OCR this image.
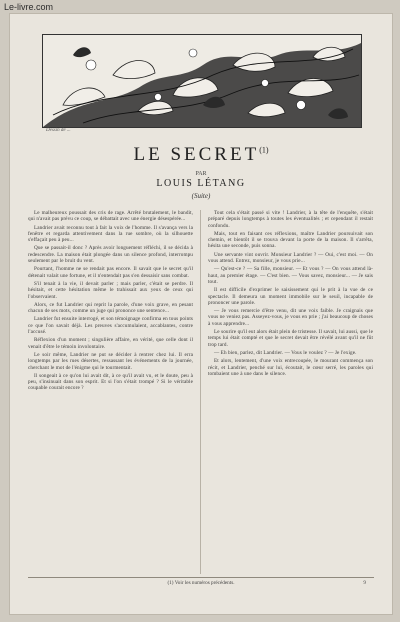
Le-livre.com
Dessin de ...
LE SECRET$^{(1)}$
PAR
LOUIS LÉTANG
(Suite)

Le malheureux poussait des cris de rage. Arrêté brutalement, le bandit, qui n'avait pas prévu ce coup, se débattait avec une énergie désespérée...

Landrier avait reconnu tout à fait la voix de l'homme. Il s'avança vers la fenêtre et regarda attentivement dans la rue sombre, où la silhouette s'effaçait peu à peu...

Que se passait-il donc ? Après avoir longuement réfléchi, il se décida à redescendre. La maison était plongée dans un silence profond, interrompu seulement par le bruit du vent.

Pourtant, l'homme ne se rendait pas encore. Il savait que le secret qu'il détenait valait une fortune, et il n'entendait pas s'en dessaisir sans combat.

S'il tenait à la vie, il devait parler ; mais parler, c'était se perdre. Il hésitait, et cette hésitation même le trahissait aux yeux de ceux qui l'observaient.

Alors, ce fut Landrier qui reprit la parole, d'une voix grave, en pesant chacun de ses mots, comme un juge qui prononce une sentence...

Landrier fut ensuite interrogé, et son témoignage confirma en tous points ce que l'on savait déjà. Les preuves s'accumulaient, accablantes, contre l'accusé.

Réflexion d'un moment ; singulière affaire, en vérité, que celle dont il venait d'être le témoin involontaire.

Le soir même, Landrier ne put se décider à rentrer chez lui. Il erra longtemps par les rues désertes, ressassant les événements de la journée, cherchant le mot de l'énigme qui le tourmentait.

Il songeait à ce qu'on lui avait dit, à ce qu'il avait vu, et le doute, peu à peu, s'insinuait dans son esprit. Et si l'on s'était trompé ? Si le véritable coupable courait encore ?

Tout cela s'était passé si vite ! Landrier, à la tête de l'enquête, s'était préparé depuis longtemps à toutes les éventualités ; et cependant il restait confondu.

Mais, tout en faisant ces réflexions, maître Landrier poursuivait son chemin, et bientôt il se trouva devant la porte de la maison. Il s'arrêta, hésita une seconde, puis sonna.

Une servante vint ouvrir. Monsieur Landrier ? — Oui, c'est moi. — On vous attend. Entrez, monsieur, je vous prie...

— Qu'est-ce ? — Sa fille, monsieur. — Et vous ? — On vous attend là-haut, au premier étage. — C'est bien. — Vous savez, monsieur... — Je sais tout.

Il est difficile d'exprimer le saisissement qui le prit à la vue de ce spectacle. Il demeura un moment immobile sur le seuil, incapable de prononcer une parole.

— Je vous remercie d'être venu, dit une voix faible. Je craignais que vous ne veniez pas. Asseyez-vous, je vous en prie ; j'ai beaucoup de choses à vous apprendre...

Le sourire qu'il eut alors était plein de tristesse. Il savait, lui aussi, que le temps lui était compté et que le secret devait être révélé avant qu'il ne fût trop tard.

— Eh bien, parlez, dit Landrier. — Vous le voulez ? — Je l'exige.

Et alors, lentement, d'une voix entrecoupée, le mourant commença son récit, et Landrier, penché sur lui, écoutait, le cœur serré, les paroles qui tombaient une à une dans le silence.

(1) Voir les numéros précédents.	9
